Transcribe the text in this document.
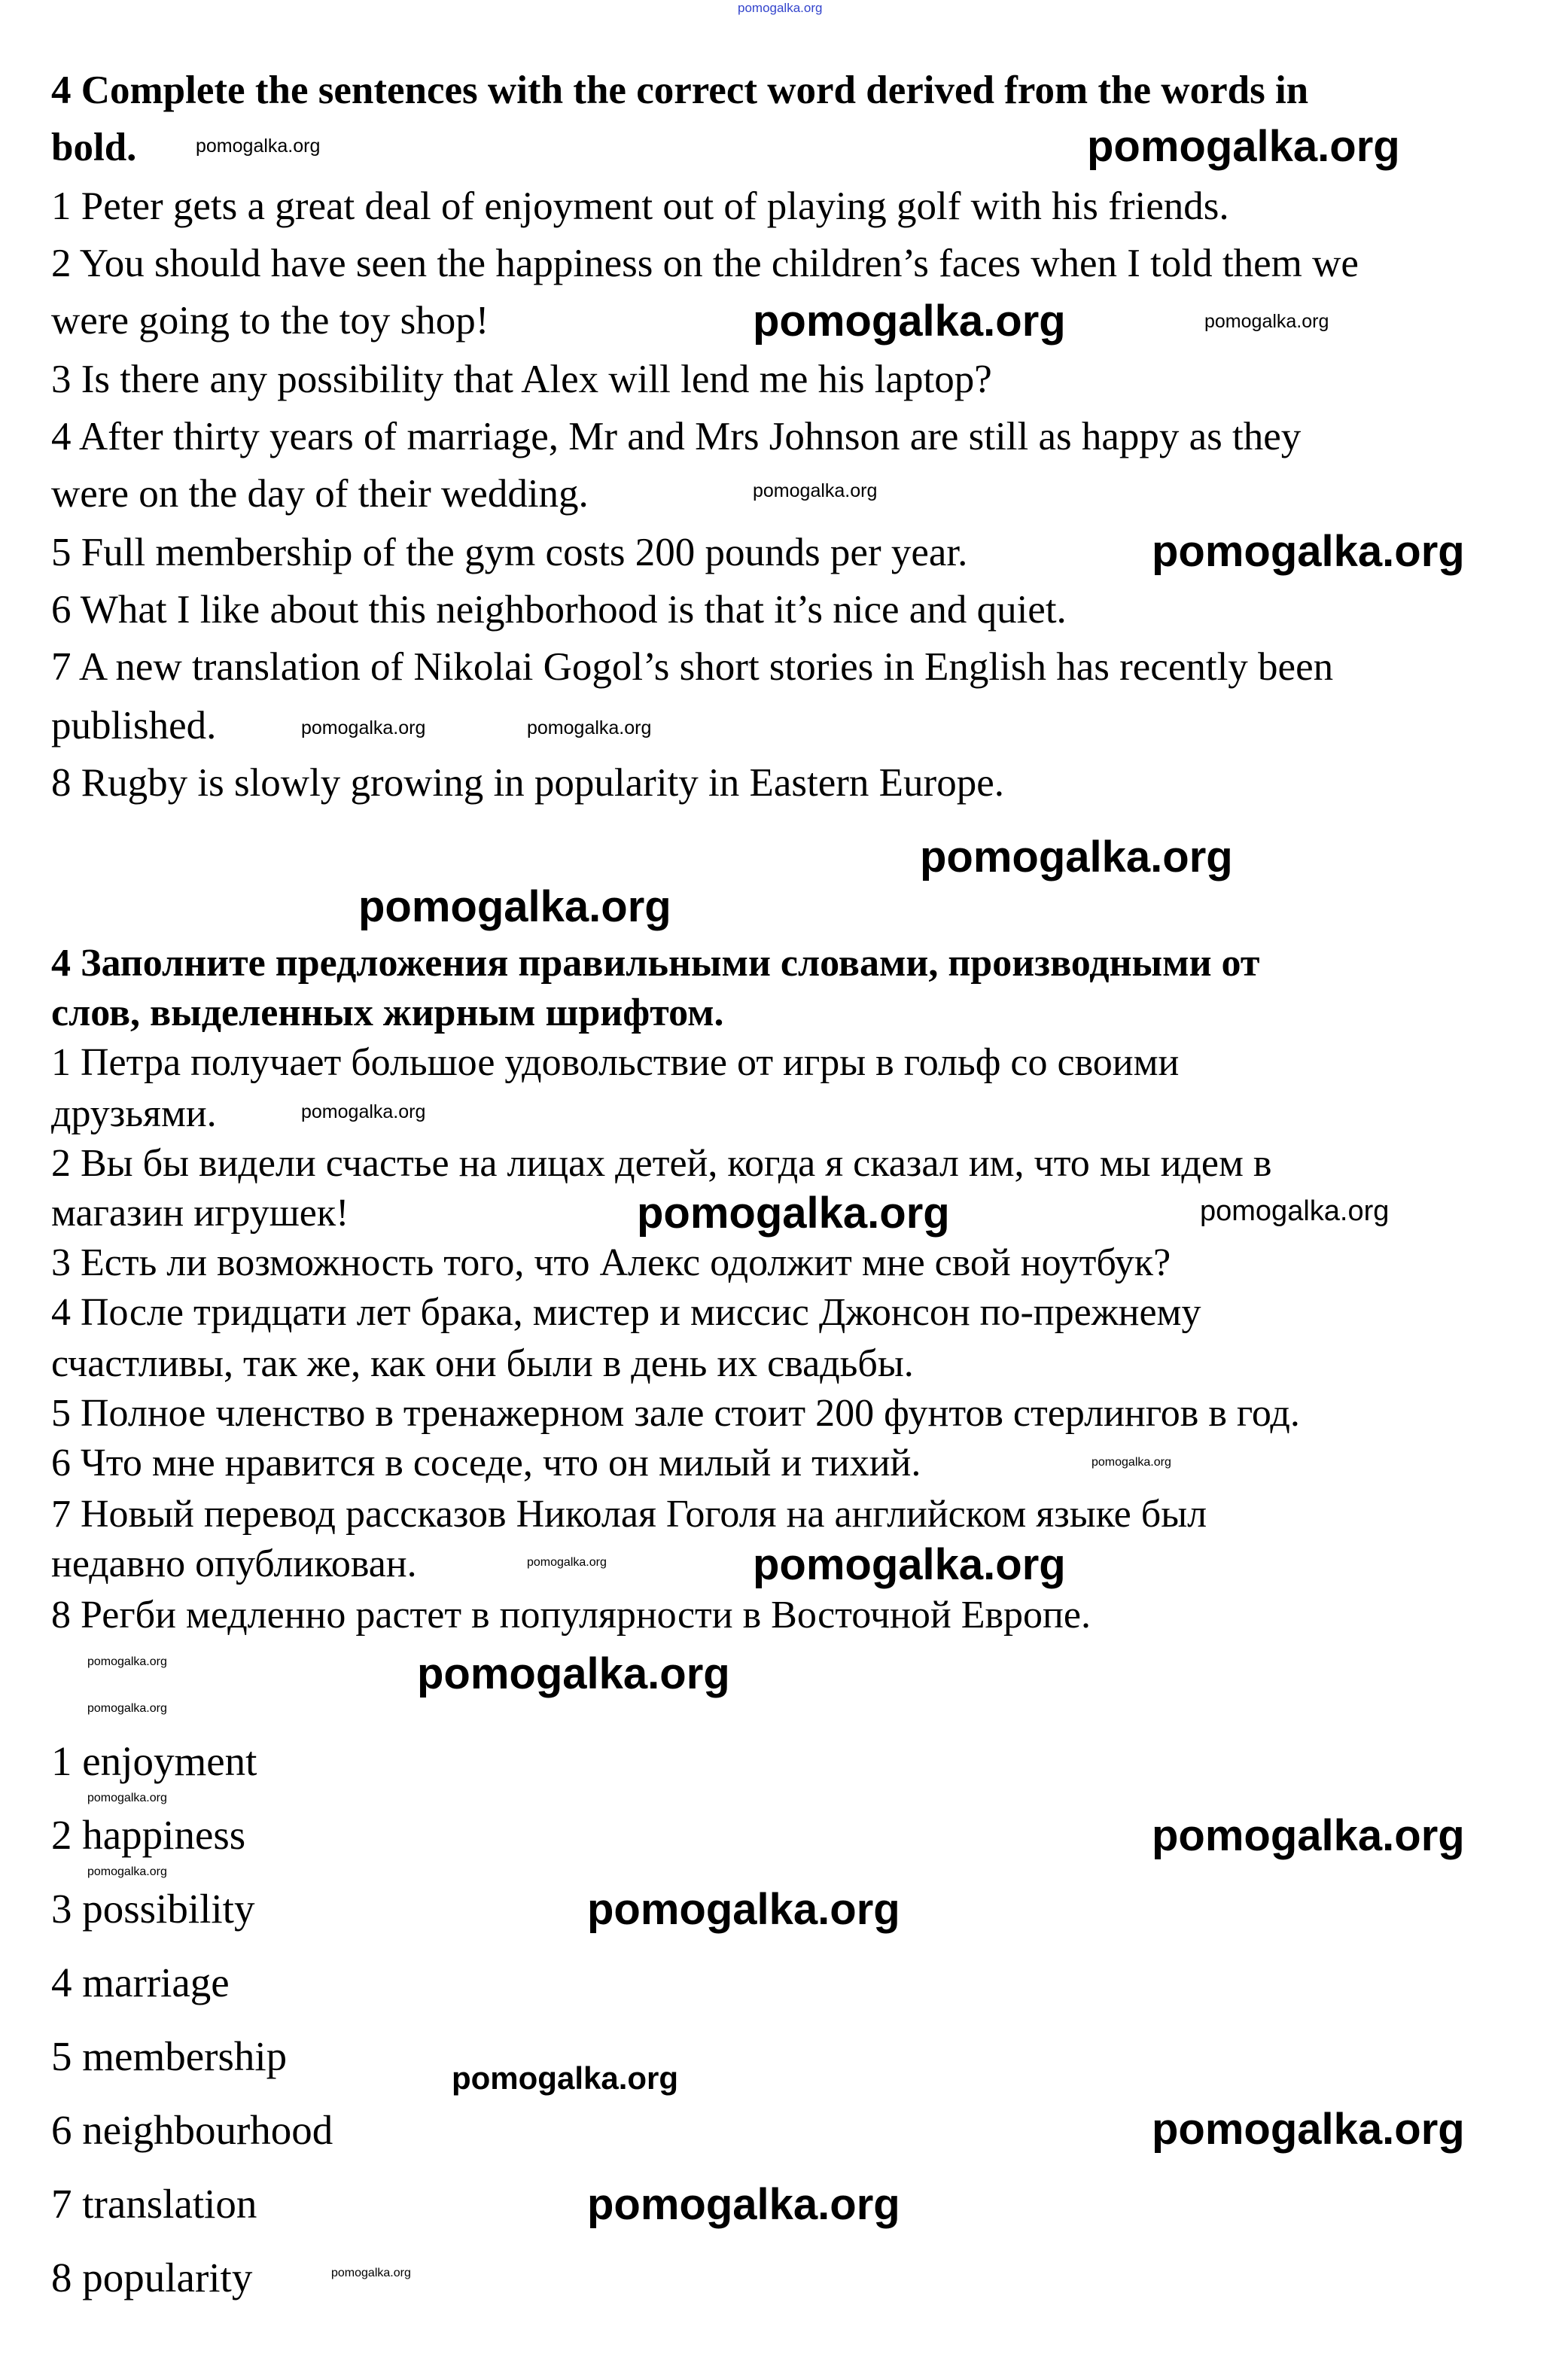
4 Complete the sentences with the correct word derived from the words in
bold.
1 Peter gets a great deal of enjoyment out of playing golf with his friends.
2 You should have seen the happiness on the children’s faces when I told them we
were going to the toy shop!
3 Is there any possibility that Alex will lend me his laptop?
4 After thirty years of marriage, Mr and Mrs Johnson are still as happy as they
were on the day of their wedding.
5 Full membership of the gym costs 200 pounds per year.
6 What I like about this neighborhood is that it’s nice and quiet.
7 A new translation of Nikolai Gogol’s short stories in English has recently been
published.
8 Rugby is slowly growing in popularity in Eastern Europe.
4 Заполните предложения правильными словами, производными от
слов, выделенных жирным шрифтом.
1 Петра получает большое удовольствие от игры в гольф со своими
друзьями.
2 Вы бы видели счастье на лицах детей, когда я сказал им, что мы идем в
магазин игрушек!
3 Есть ли возможность того, что Алекс одолжит мне свой ноутбук?
4 После тридцати лет брака, мистер и миссис Джонсон по-прежнему
счастливы, так же, как они были в день их свадьбы.
5 Полное членство в тренажерном зале стоит 200 фунтов стерлингов в год.
6 Что мне нравится в соседе, что он милый и тихий.
7 Новый перевод рассказов Николая Гоголя на английском языке был
недавно опубликован.
8 Регби медленно растет в популярности в Восточной Европе.
1 enjoyment
2 happiness
3 possibility
4 marriage
5 membership
6 neighbourhood
7 translation
8 popularity
pomogalka.org
pomogalka.org	pomogalka.org
pomogalka.org
pomogalka.org
pomogalka.org
pomogalka.org
pomogalka.org
pomogalka.org
pomogalka.org	pomogalka.org
pomogalka.org	pomogalka.org
pomogalka.org
pomogalka.org
pomogalka.org
pomogalka.org
pomogalka.org
pomogalka.org
pomogalka.org
pomogalka.org
pomogalka.org
pomogalka.org
pomogalka.org
pomogalka.org
pomogalka.org
pomogalka.org
pomogalka.org
